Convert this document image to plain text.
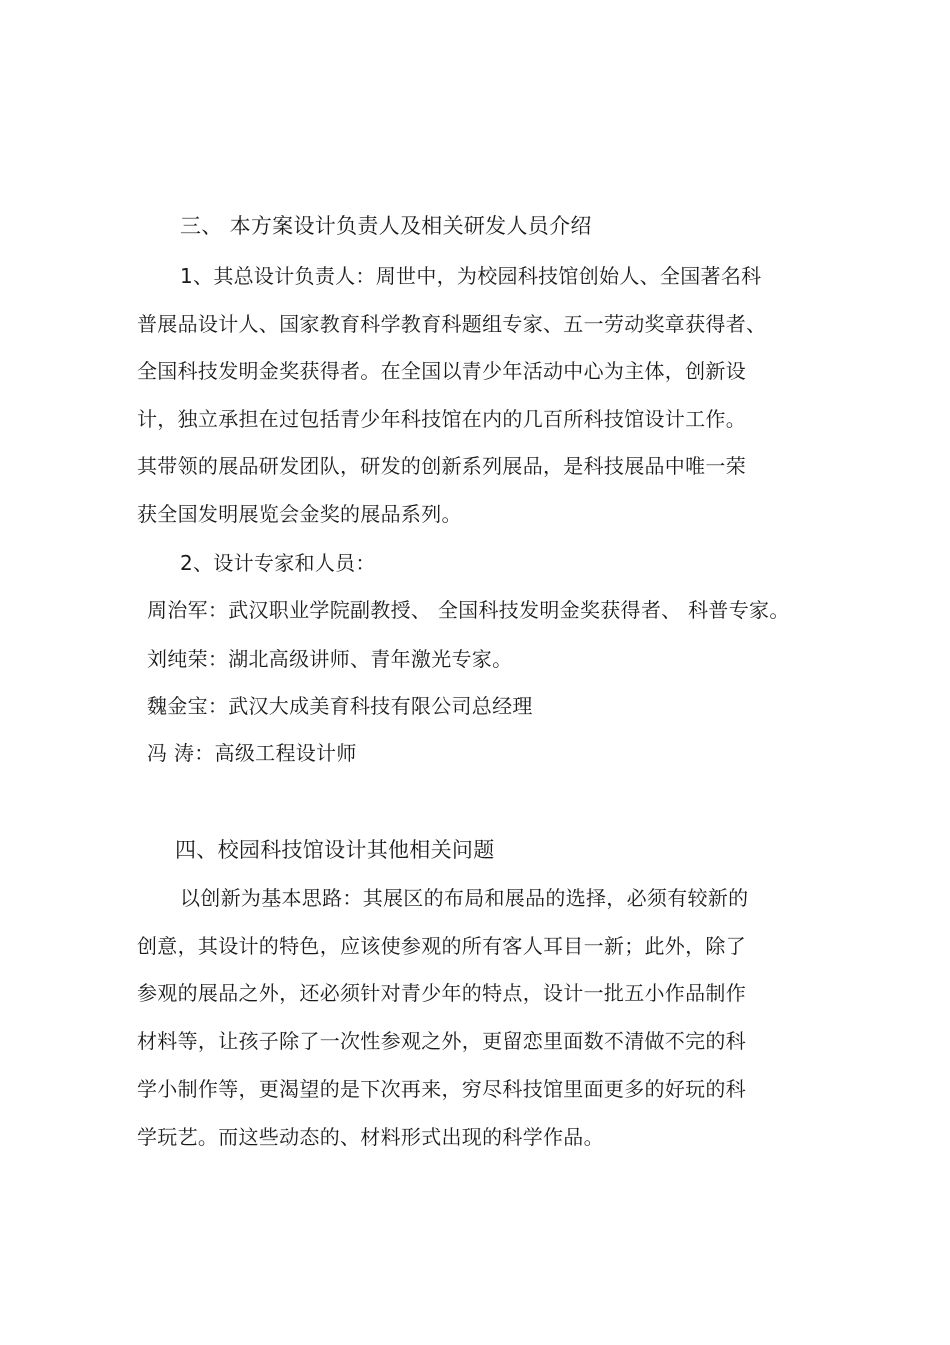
三、 本方案设计负责人及相关研发人员介绍
1、其总设计负责人：周世中，为校园科技馆创始人、全国著名科
普展品设计人、国家教育科学教育科题组专家、五一劳动奖章获得者、
全国科技发明金奖获得者。在全国以青少年活动中心为主体，创新设
计，独立承担在过包括青少年科技馆在内的几百所科技馆设计工作。
其带领的展品研发团队，研发的创新系列展品，是科技展品中唯一荣
获全国发明展览会金奖的展品系列。
2、设计专家和人员：
周治军：武汉职业学院副教授、 全国科技发明金奖获得者、 科普专家。
刘纯荣：湖北高级讲师、青年激光专家。
魏金宝：武汉大成美育科技有限公司总经理
冯 涛：高级工程设计师
四、校园科技馆设计其他相关问题
以创新为基本思路：其展区的布局和展品的选择，必须有较新的
创意，其设计的特色，应该使参观的所有客人耳目一新；此外，除了
参观的展品之外，还必须针对青少年的特点，设计一批五小作品制作
材料等，让孩子除了一次性参观之外，更留恋里面数不清做不完的科
学小制作等，更渴望的是下次再来，穷尽科技馆里面更多的好玩的科
学玩艺。而这些动态的、材料形式出现的科学作品。
